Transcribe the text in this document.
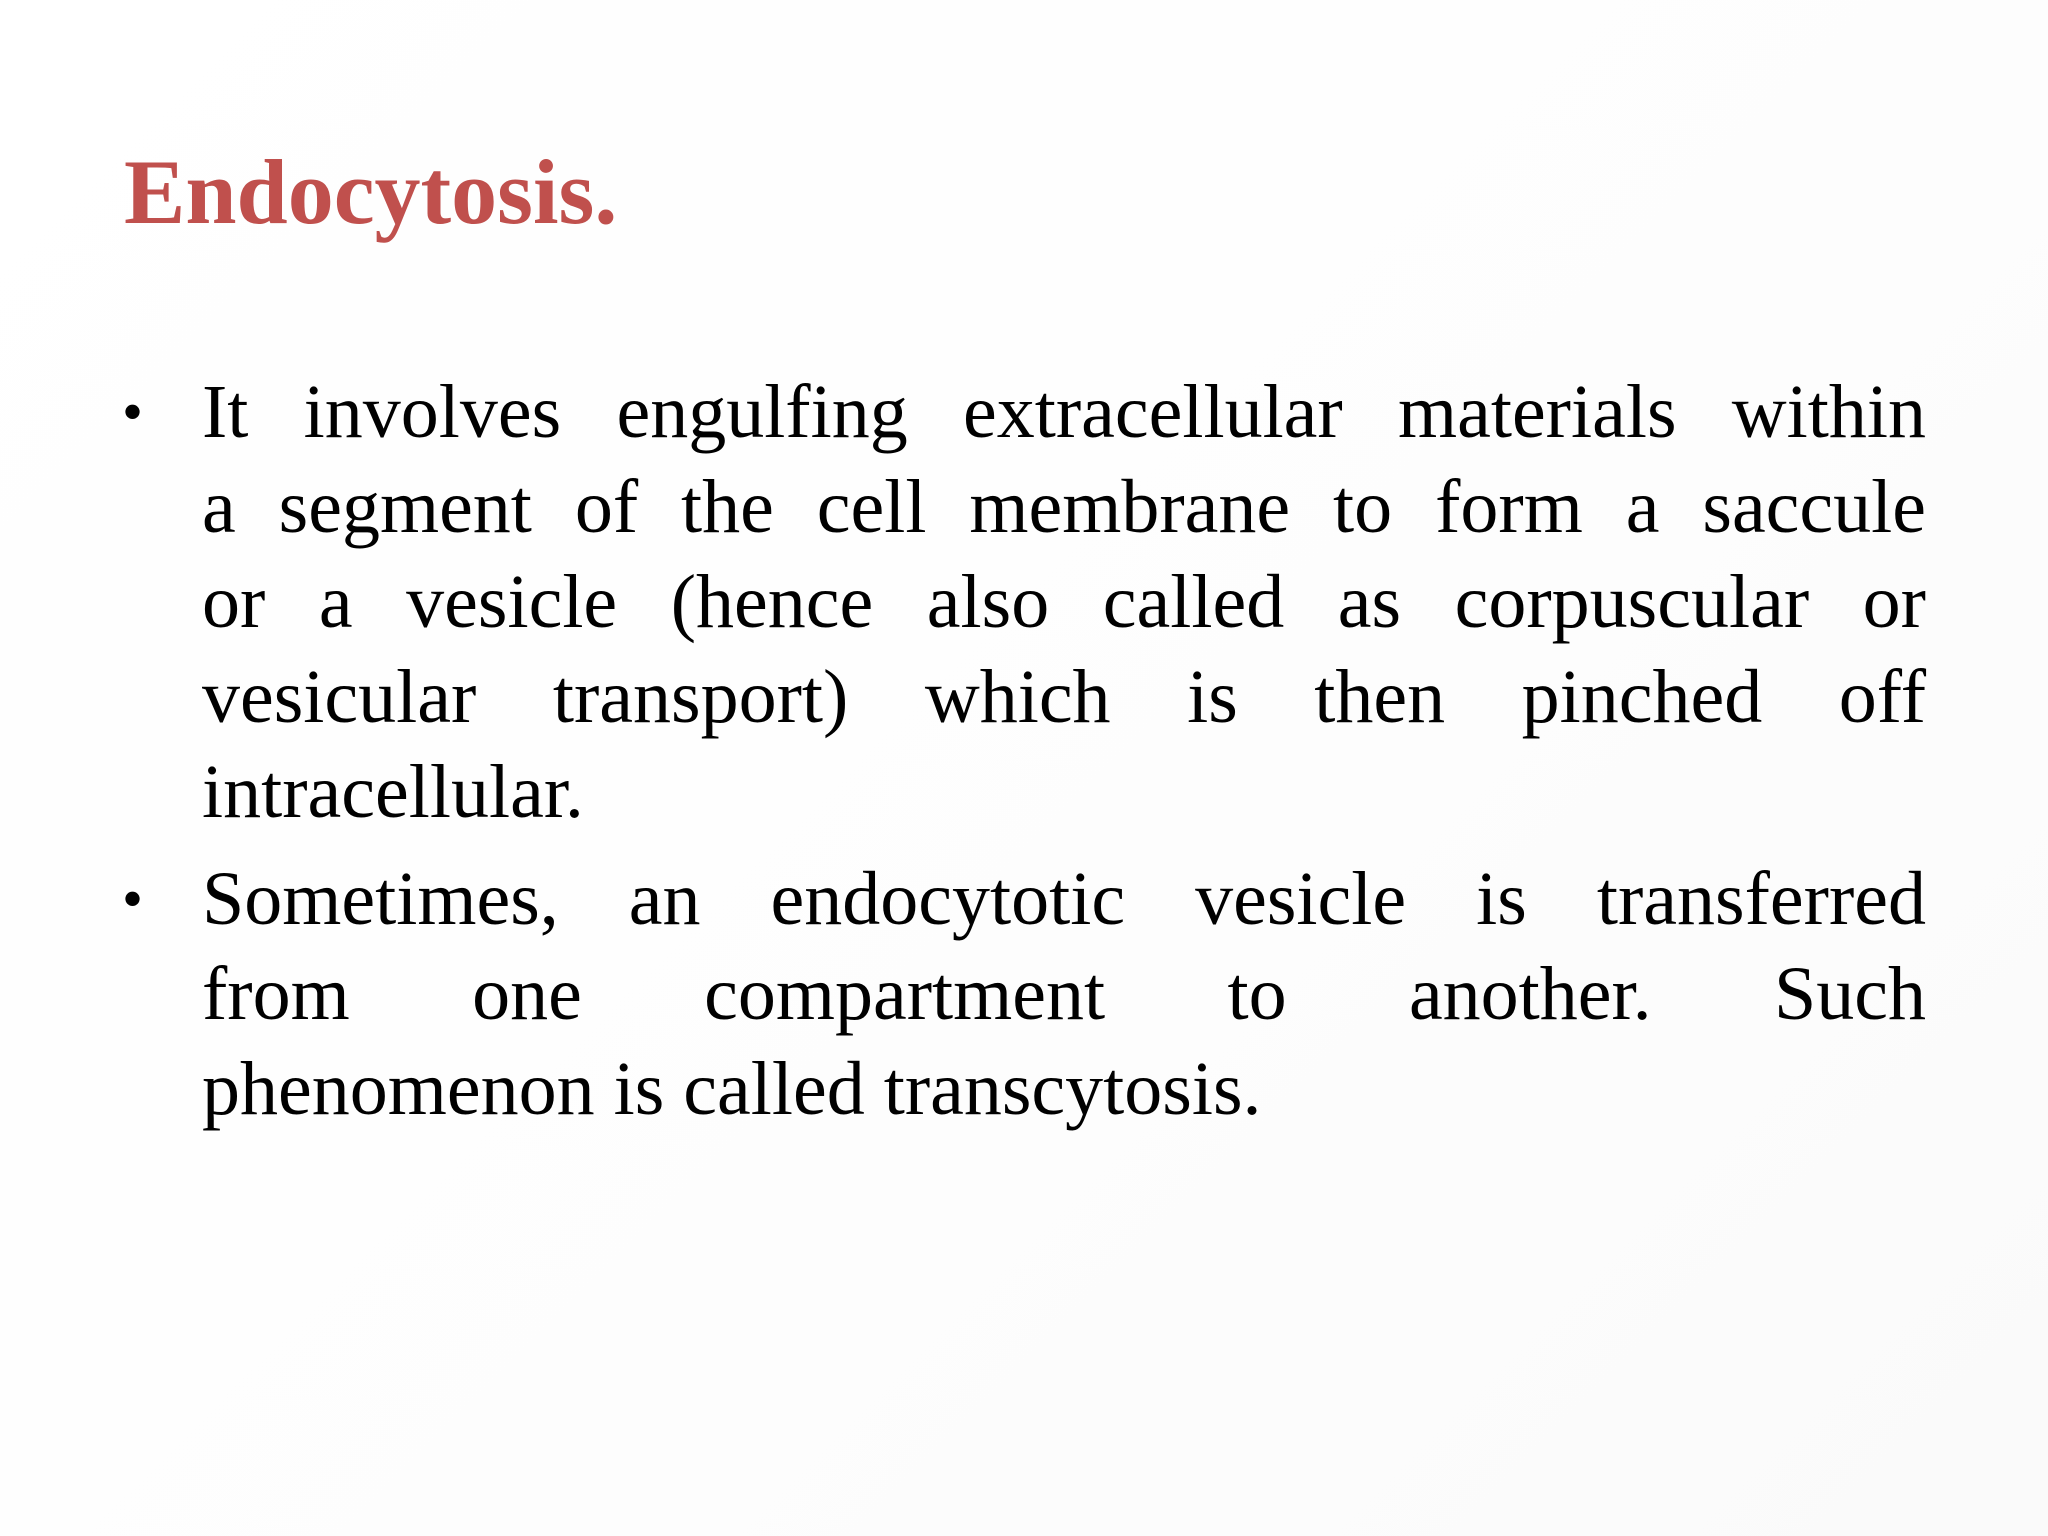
Endocytosis.
• It involves engulfing extracellular materials within
a segment of the cell membrane to form a saccule
or a vesicle (hence also called as corpuscular or
vesicular transport) which is then pinched off
intracellular.
• Sometimes, an endocytotic vesicle is transferred
from one compartment to another. Such
phenomenon is called transcytosis.
